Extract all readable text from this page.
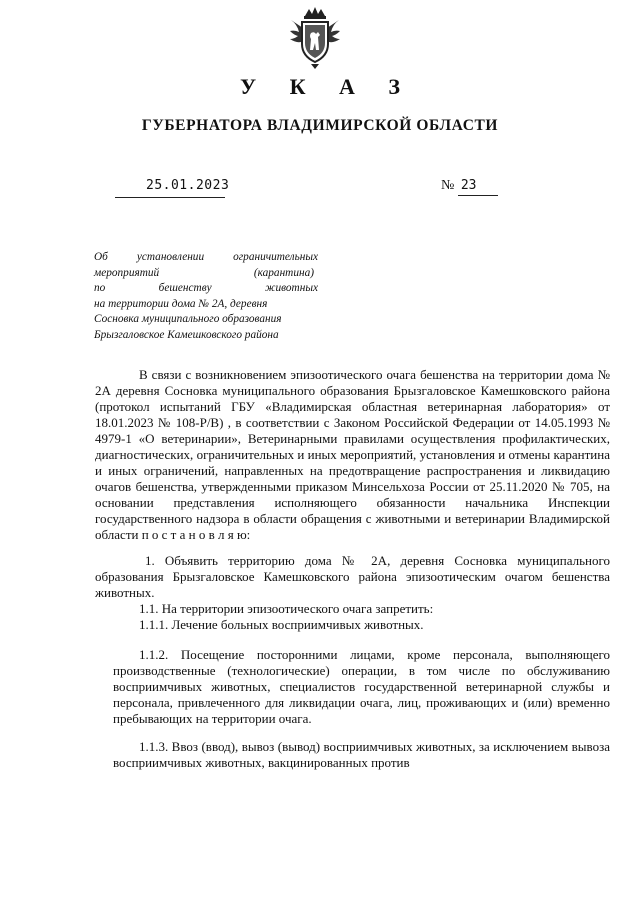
У К А З
ГУБЕРНАТОРА ВЛАДИМИРСКОЙ ОБЛАСТИ
25.01.2023	№ 23

Об установлении ограничительных

мероприятий (карантина)

по бешенству животных

на территории дома № 2А, деревня

Сосновка муниципального образования

Брызгаловское Камешковского района

В связи с возникновением эпизоотического очага бешенства на территории дома № 2А деревня Сосновка муниципального образования Брызгаловское Камешковского района (протокол испытаний ГБУ «Владимирская областная ветеринарная лаборатория» от 18.01.2023 № 108-Р/В) , в соответствии с Законом Российской Федерации от 14.05.1993 № 4979-1 «О ветеринарии», Ветеринарными правилами осуществления профилактических, диагностических, ограничительных и иных мероприятий, установления и отмены карантина и иных ограничений, направленных на предотвращение распространения и ликвидацию очагов бешенства, утвержденными приказом Минсельхоза России от 25.11.2020 № 705, на основании представления исполняющего обязанности начальника Инспекции государственного надзора в области обращения с животными и ветеринарии Владимирской области п о с т а н о в л я ю:

1. Объявить территорию дома № 2А, деревня Сосновка муниципального образования Брызгаловское Камешковского района эпизоотическим очагом бешенства животных.

1.1. На территории эпизоотического очага запретить:

1.1.1. Лечение больных восприимчивых животных.

1.1.2. Посещение посторонними лицами, кроме персонала, выполняющего производственные (технологические) операции, в том числе по обслуживанию восприимчивых животных, специалистов государственной ветеринарной службы и персонала, привлеченного для ликвидации очага, лиц, проживающих и (или) временно пребывающих на территории очага.

1.1.3. Ввоз (ввод), вывоз (вывод) восприимчивых животных, за исключением вывоза восприимчивых животных, вакцинированных против
